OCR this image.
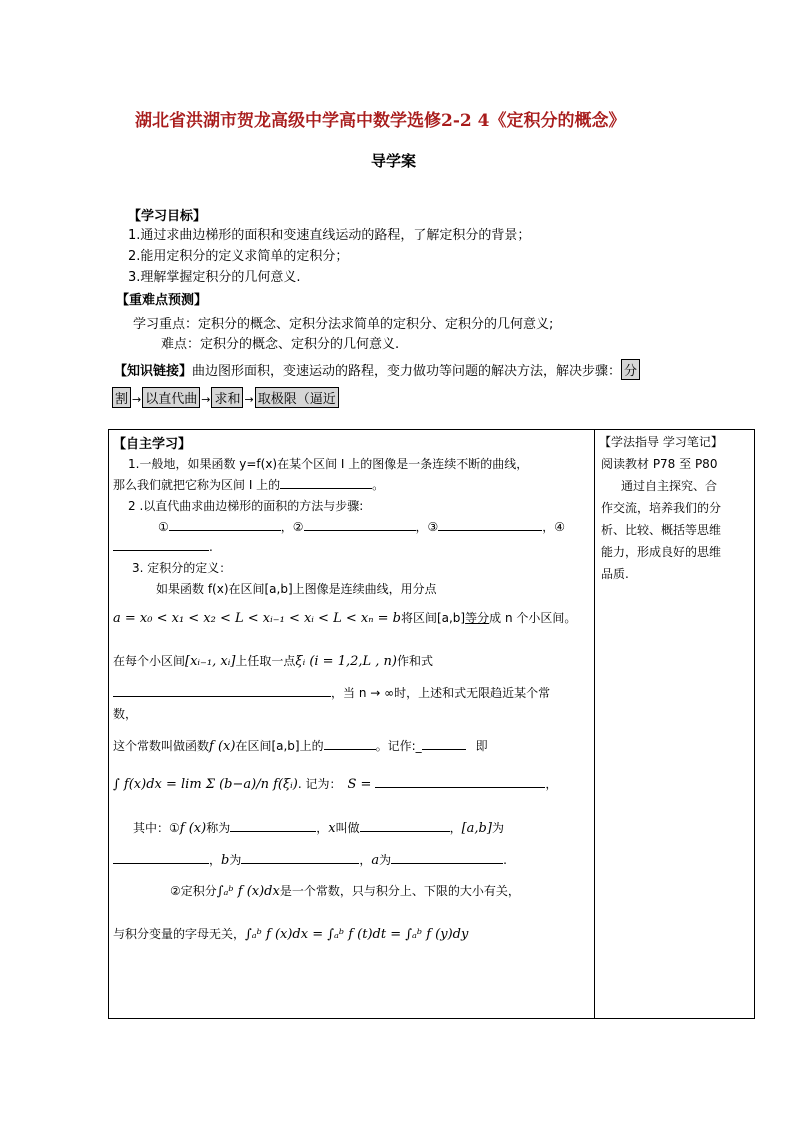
湖北省洪湖市贺龙高级中学高中数学选修2-2 4《定积分的概念》
导学案
【学习目标】
1.通过求曲边梯形的面积和变速直线运动的路程，了解定积分的背景；
2.能用定积分的定义求简单的定积分；
3.理解掌握定积分的几何意义.
【重难点预测】
学习重点：定积分的概念、定积分法求简单的定积分、定积分的几何意义;
难点：定积分的概念、定积分的几何意义.
【知识链接】曲边图形面积，变速运动的路程，变力做功等问题的解决方法，解决步骤： 分
割 → 以直代曲 → 求和 → 取极限（逼近
【学法指导 学习笔记】
阅读教材 P78 至 P80
通过自主探究、合
作交流，培养我们的分
析、比较、概括等思维
能力，形成良好的思维
品质.
【自主学习】
1.一般地，如果函数 y=f(x)在某个区间 I 上的图像是一条连续不断的曲线，
那么我们就把它称为区间 I 上的	。
2 .以直代曲求曲边梯形的面积的方法与步骤:
①	，②	，③	，④
.
3. 定积分的定义：
如果函数 f(x)在区间[a,b]上图像是连续曲线，用分点
a = x₀ < x₁ < x₂ < L < xᵢ₋₁ < xᵢ < L < xₙ = b将区间[a,b]等分成 n 个小区间。
在每个小区间[xᵢ₋₁, xᵢ]上任取一点ξᵢ (i = 1,2,L , n)作和式
，当 n → ∞时，上述和式无限趋近某个常
数，
这个常数叫做函数f (x)在区间[a,b]上的	。记作:_	即
∫ f(x)dx = lim Σ (b−a)/n f(ξᵢ). 记为： S =	，
其中：①f (x)称为	，x叫做	，[a,b]为
，b为	，a为	.
②定积分∫ₐᵇ f (x)dx是一个常数，只与积分上、下限的大小有关，
与积分变量的字母无关，∫ₐᵇ f (x)dx = ∫ₐᵇ f (t)dt = ∫ₐᵇ f (y)dy
